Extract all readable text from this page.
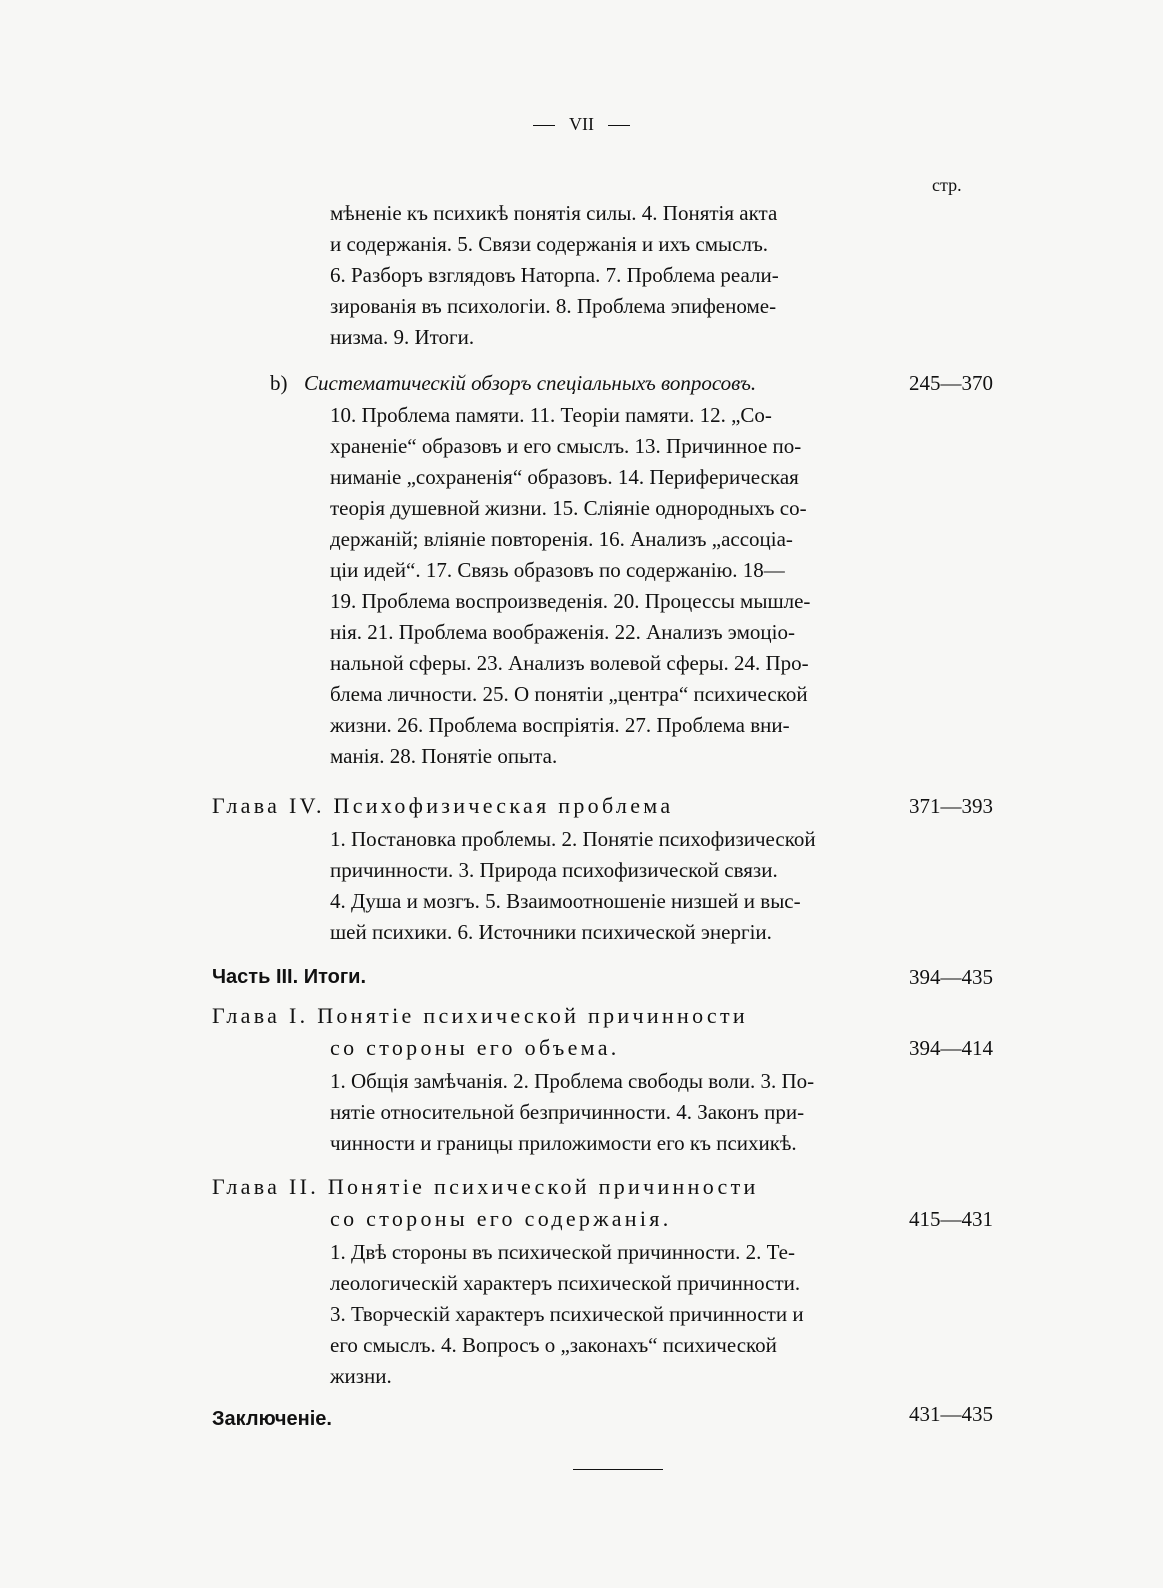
VII
стр.
мѣненіе къ психикѣ понятія силы. 4. Понятія акта
и содержанія. 5. Связи содержанія и ихъ смыслъ.
6. Разборъ взглядовъ Наторпа. 7. Проблема реали-
зированія въ психологіи. 8. Проблема эпифеноме-
низма. 9. Итоги.
b) Систематическій обзоръ спеціальныхъ вопросовъ.	245—370
10. Проблема памяти. 11. Теоріи памяти. 12. „Со-
храненіе“ образовъ и его смыслъ. 13. Причинное по-
ниманіе „сохраненія“ образовъ. 14. Периферическая
теорія душевной жизни. 15. Сліяніе однородныхъ со-
держаній; вліяніе повторенія. 16. Анализъ „ассоціа-
ціи идей“. 17. Связь образовъ по содержанію. 18—
19. Проблема воспроизведенія. 20. Процессы мышле-
нія. 21. Проблема воображенія. 22. Анализъ эмоціо-
нальной сферы. 23. Анализъ волевой сферы. 24. Про-
блема личности. 25. О понятіи „центра“ психической
жизни. 26. Проблема воспріятія. 27. Проблема вни-
манія. 28. Понятіе опыта.
Глава IV. Психофизическая проблема	371—393
1. Постановка проблемы. 2. Понятіе психофизической
причинности. 3. Природа психофизической связи.
4. Душа и мозгъ. 5. Взаимоотношеніе низшей и выс-
шей психики. 6. Источники психической энергіи.
Часть III. Итоги.	394—435
Глава I. Понятіе психической причинности
со стороны его объема.	394—414
1. Общія замѣчанія. 2. Проблема свободы воли. 3. По-
нятіе относительной безпричинности. 4. Законъ при-
чинности и границы приложимости его къ психикѣ.
Глава II. Понятіе психической причинности
со стороны его содержанія.	415—431
1. Двѣ стороны въ психической причинности. 2. Те-
леологическій характеръ психической причинности.
3. Творческій характеръ психической причинности и
его смыслъ. 4. Вопросъ о „законахъ“ психической
жизни.
Заключеніе.	431—435
